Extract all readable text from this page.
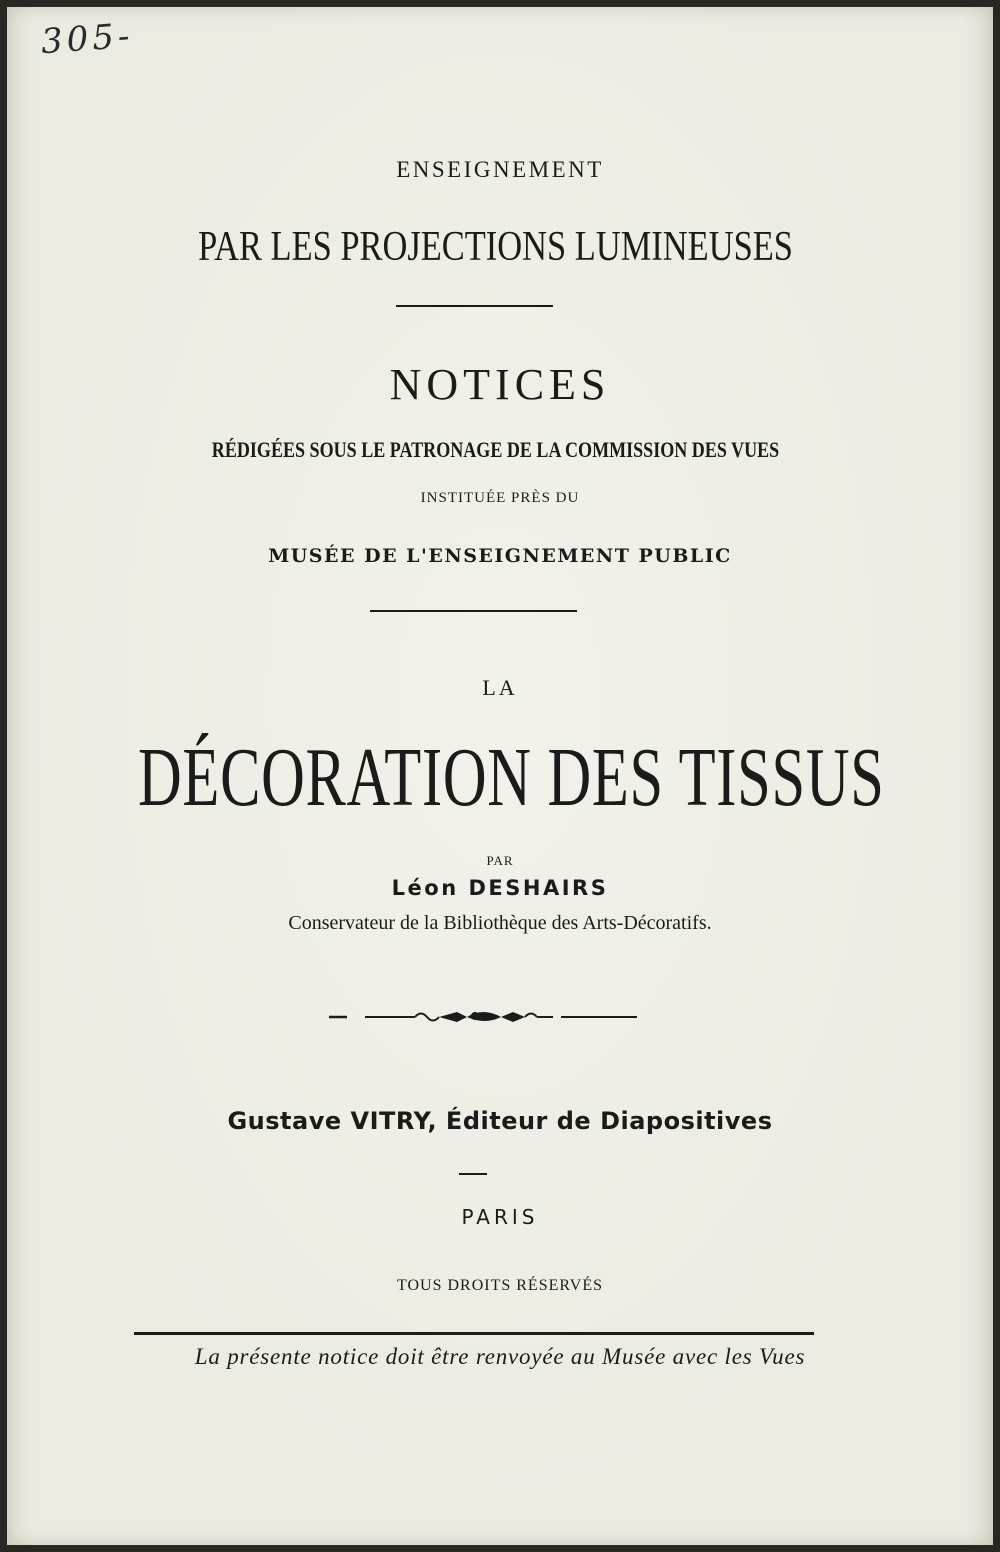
305-

ENSEIGNEMENT

PAR LES PROJECTIONS LUMINEUSES

NOTICES

RÉDIGÉES SOUS LE PATRONAGE DE LA COMMISSION DES VUES

INSTITUÉE PRÈS DU

MUSÉE DE L'ENSEIGNEMENT PUBLIC

LA

DÉCORATION DES TISSUS

PAR

Léon DESHAIRS

Conservateur de la Bibliothèque des Arts-Décoratifs.

Gustave VITRY, Éditeur de Diapositives

PARIS

TOUS DROITS RÉSERVÉS

La présente notice doit être renvoyée au Musée avec les Vues
